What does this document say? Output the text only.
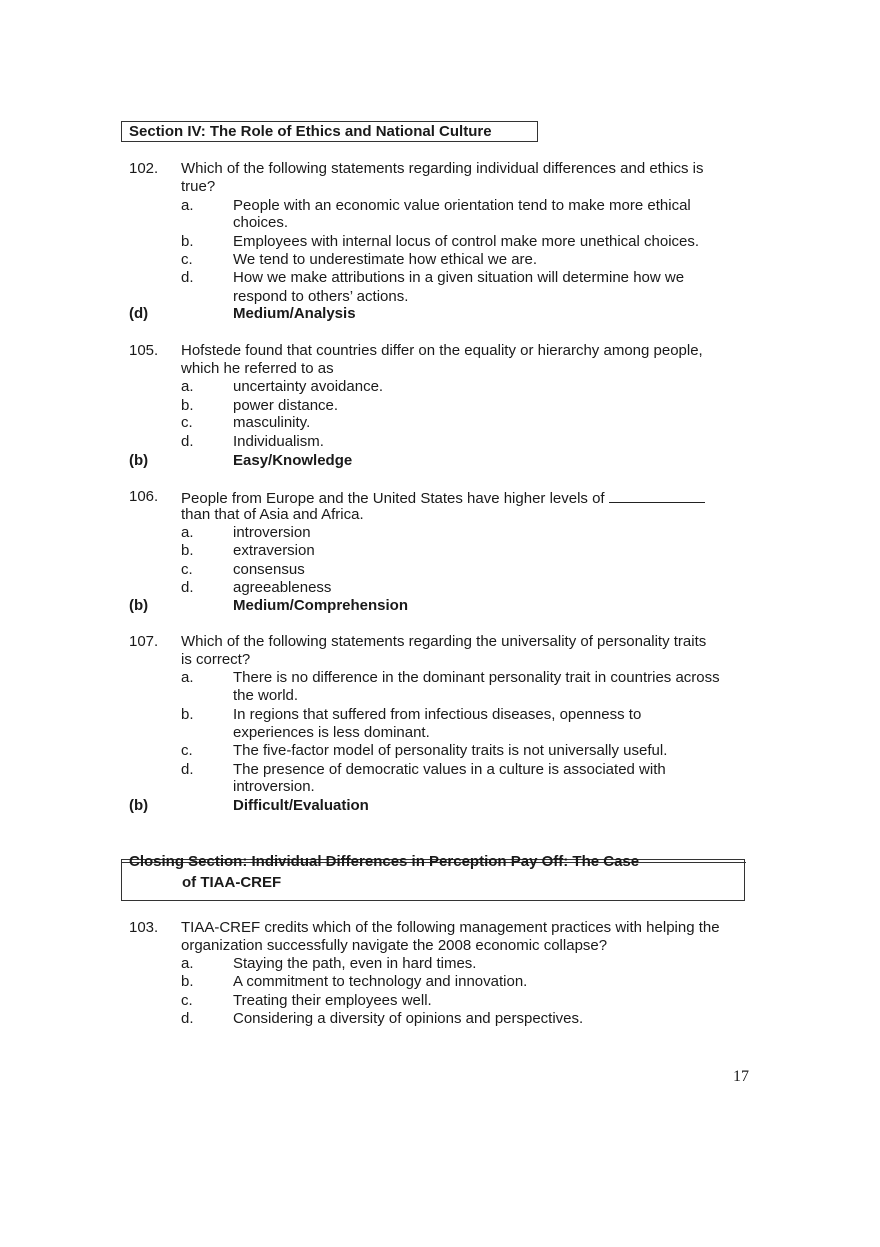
Section IV: The Role of Ethics and National Culture
102. Which of the following statements regarding individual differences and ethics is
true?
a.	People with an economic value orientation tend to make more ethical
choices.
b.	Employees with internal locus of control make more unethical choices.
c.	We tend to underestimate how ethical we are.
d.	How we make attributions in a given situation will determine how we
respond to others’ actions.
(d)	Medium/Analysis
105. Hofstede found that countries differ on the equality or hierarchy among people,
which he referred to as
a.	uncertainty avoidance.
b.	power distance.
c.	masculinity.
d.	Individualism.
(b)	Easy/Knowledge
106. People from Europe and the United States have higher levels of
than that of Asia and Africa.
a.	introversion
b.	extraversion
c.	consensus
d.	agreeableness
(b)	Medium/Comprehension
107. Which of the following statements regarding the universality of personality traits
is correct?
a.	There is no difference in the dominant personality trait in countries across
the world.
b.	In regions that suffered from infectious diseases, openness to
experiences is less dominant.
c.	The five-factor model of personality traits is not universally useful.
d.	The presence of democratic values in a culture is associated with
introversion.
(b)	Difficult/Evaluation
Closing Section: Individual Differences in Perception Pay Off: The Case
of TIAA-CREF
103. TIAA-CREF credits which of the following management practices with helping the
organization successfully navigate the 2008 economic collapse?
a.	Staying the path, even in hard times.
b.	A commitment to technology and innovation.
c.	Treating their employees well.
d.	Considering a diversity of opinions and perspectives.
17
